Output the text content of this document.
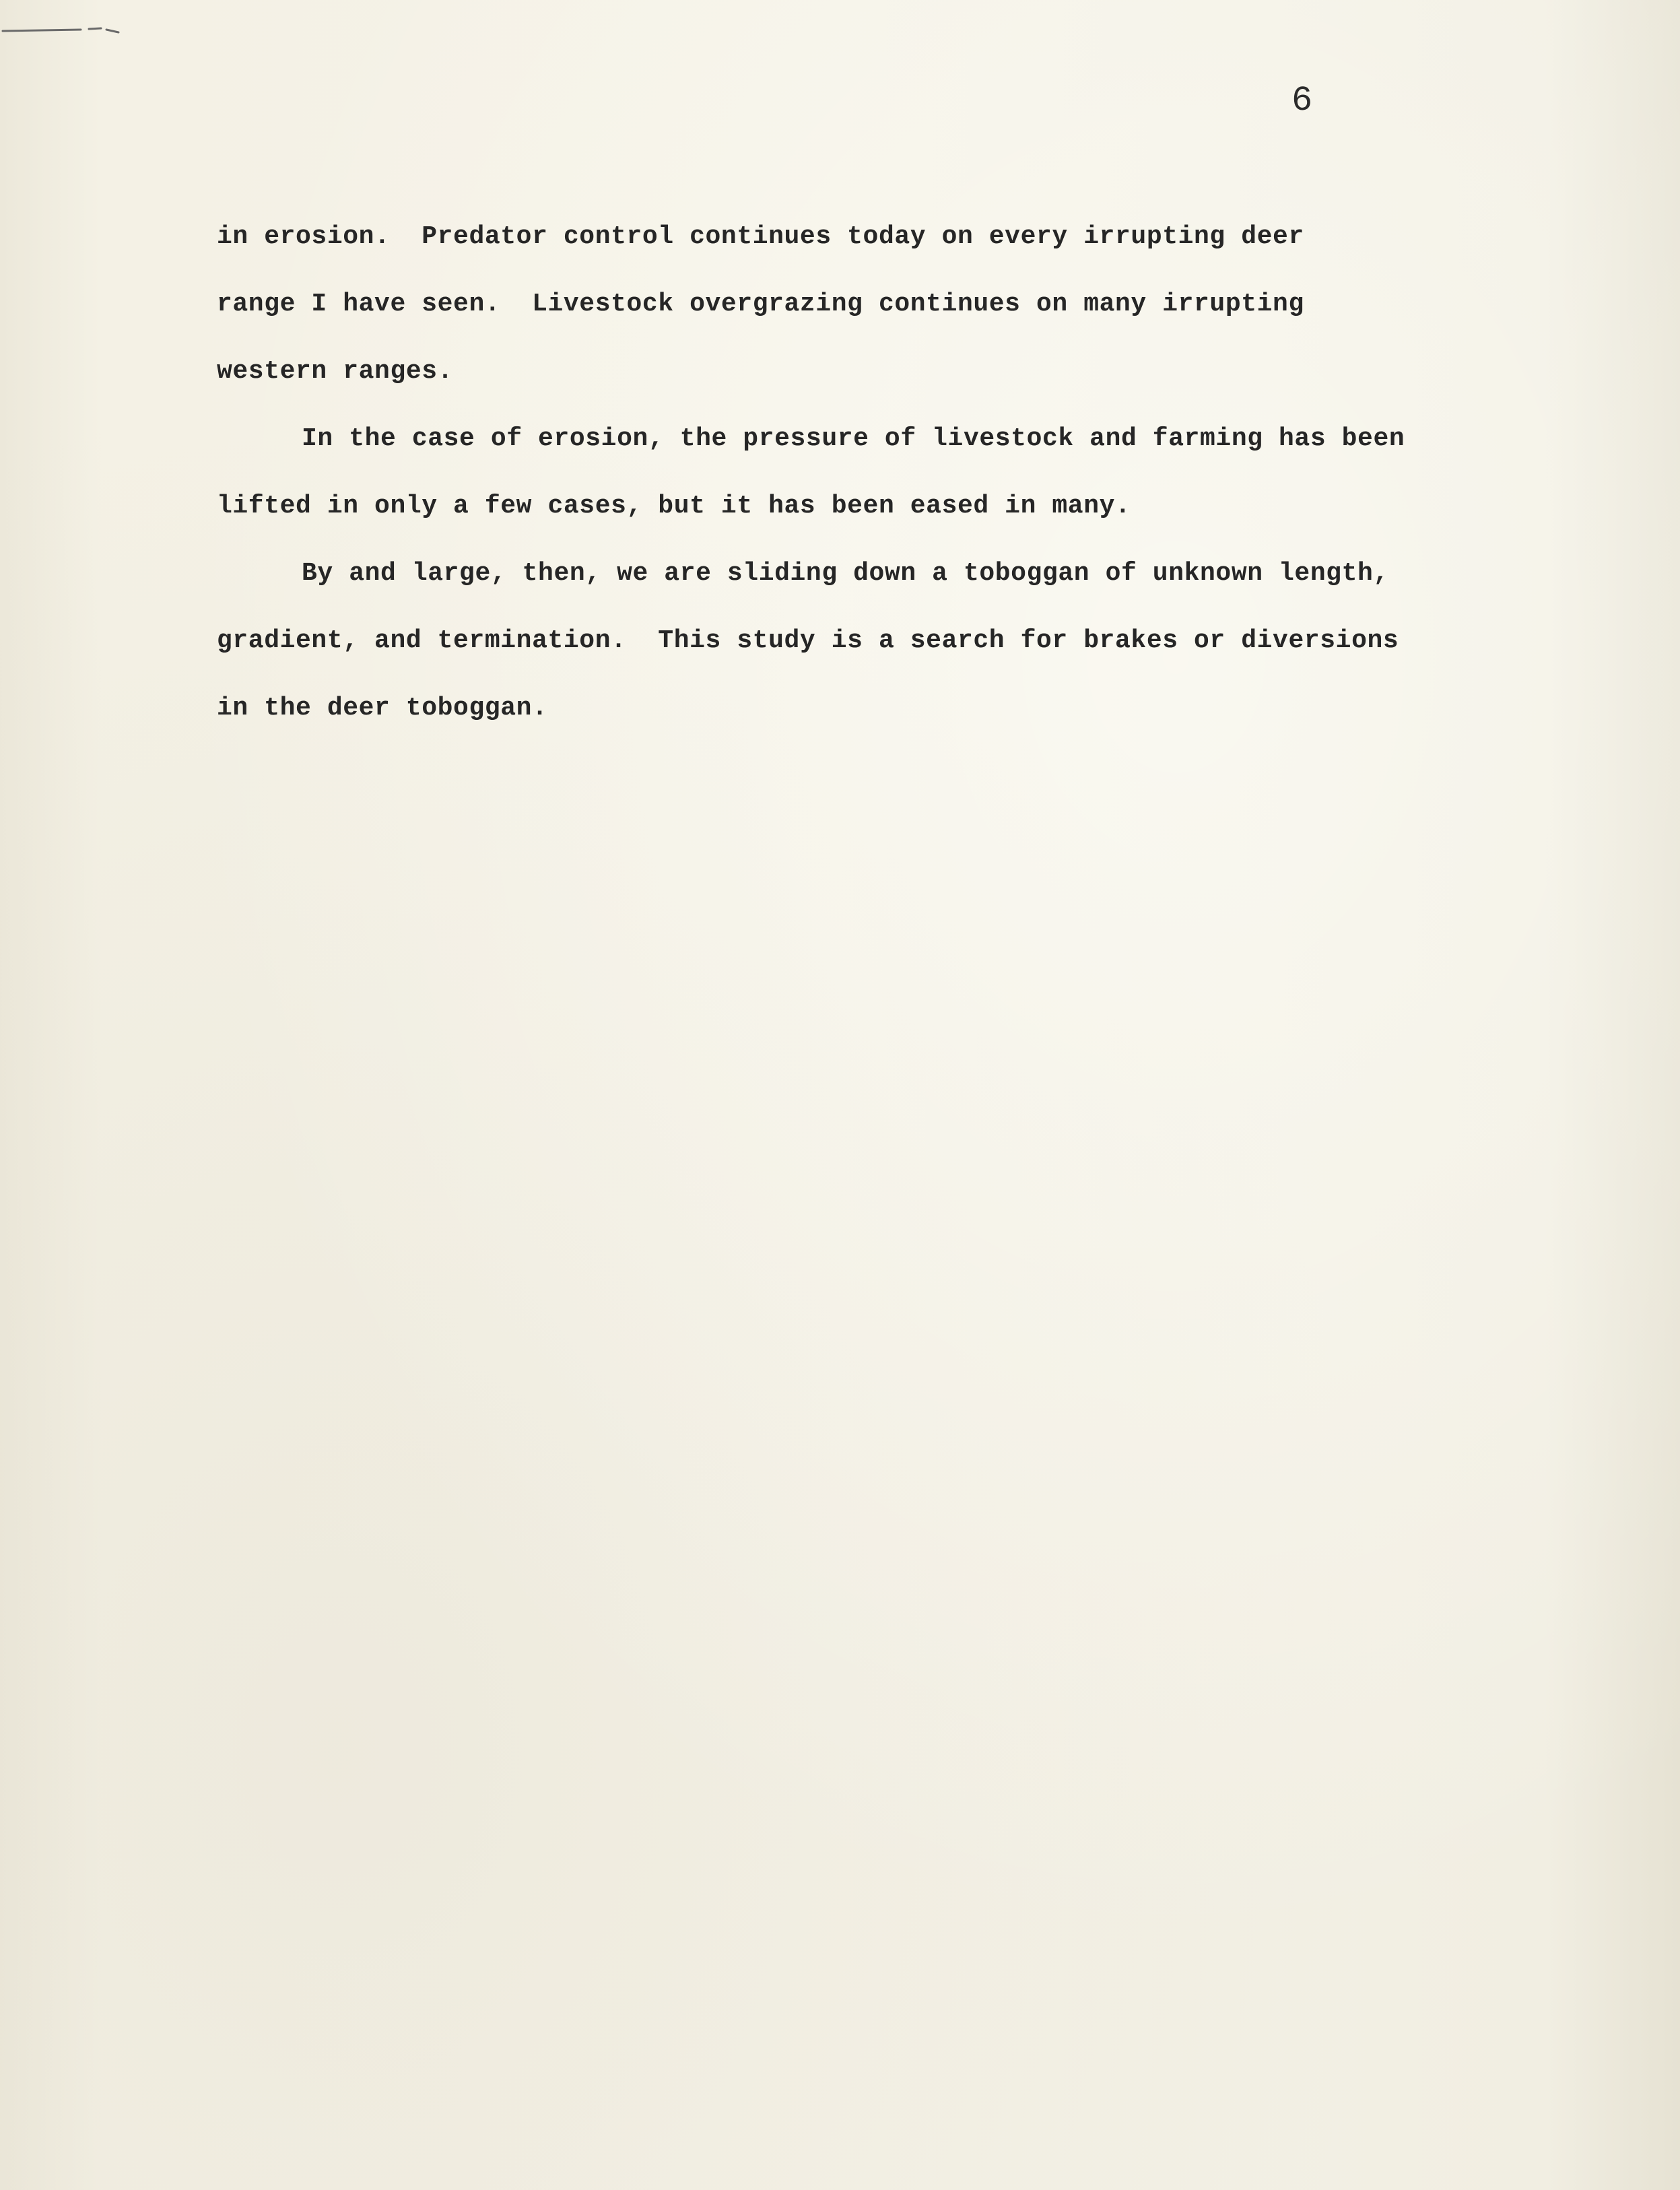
6
in erosion.  Predator control continues today on every irrupting deer
range I have seen.  Livestock overgrazing continues on many irrupting
western ranges.
In the case of erosion, the pressure of livestock and farming has been
lifted in only a few cases, but it has been eased in many.
By and large, then, we are sliding down a toboggan of unknown length,
gradient, and termination.  This study is a search for brakes or diversions
in the deer toboggan.
